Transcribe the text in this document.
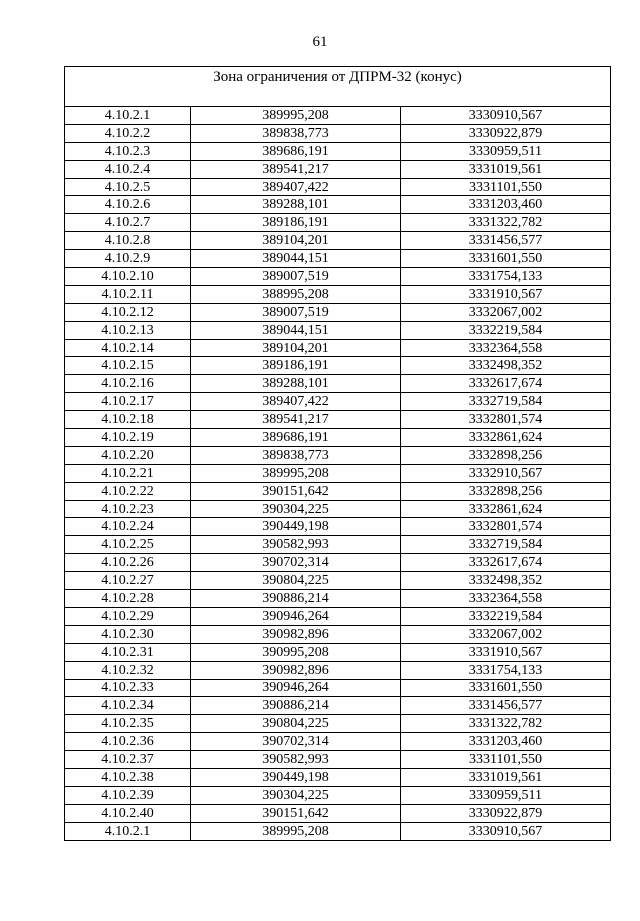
61
Зона ограничения от ДПРМ-32 (конус)		
4.10.2.1	389995,208	3330910,567
4.10.2.2	389838,773	3330922,879
4.10.2.3	389686,191	3330959,511
4.10.2.4	389541,217	3331019,561
4.10.2.5	389407,422	3331101,550
4.10.2.6	389288,101	3331203,460
4.10.2.7	389186,191	3331322,782
4.10.2.8	389104,201	3331456,577
4.10.2.9	389044,151	3331601,550
4.10.2.10	389007,519	3331754,133
4.10.2.11	388995,208	3331910,567
4.10.2.12	389007,519	3332067,002
4.10.2.13	389044,151	3332219,584
4.10.2.14	389104,201	3332364,558
4.10.2.15	389186,191	3332498,352
4.10.2.16	389288,101	3332617,674
4.10.2.17	389407,422	3332719,584
4.10.2.18	389541,217	3332801,574
4.10.2.19	389686,191	3332861,624
4.10.2.20	389838,773	3332898,256
4.10.2.21	389995,208	3332910,567
4.10.2.22	390151,642	3332898,256
4.10.2.23	390304,225	3332861,624
4.10.2.24	390449,198	3332801,574
4.10.2.25	390582,993	3332719,584
4.10.2.26	390702,314	3332617,674
4.10.2.27	390804,225	3332498,352
4.10.2.28	390886,214	3332364,558
4.10.2.29	390946,264	3332219,584
4.10.2.30	390982,896	3332067,002
4.10.2.31	390995,208	3331910,567
4.10.2.32	390982,896	3331754,133
4.10.2.33	390946,264	3331601,550
4.10.2.34	390886,214	3331456,577
4.10.2.35	390804,225	3331322,782
4.10.2.36	390702,314	3331203,460
4.10.2.37	390582,993	3331101,550
4.10.2.38	390449,198	3331019,561
4.10.2.39	390304,225	3330959,511
4.10.2.40	390151,642	3330922,879
4.10.2.1	389995,208	3330910,567
